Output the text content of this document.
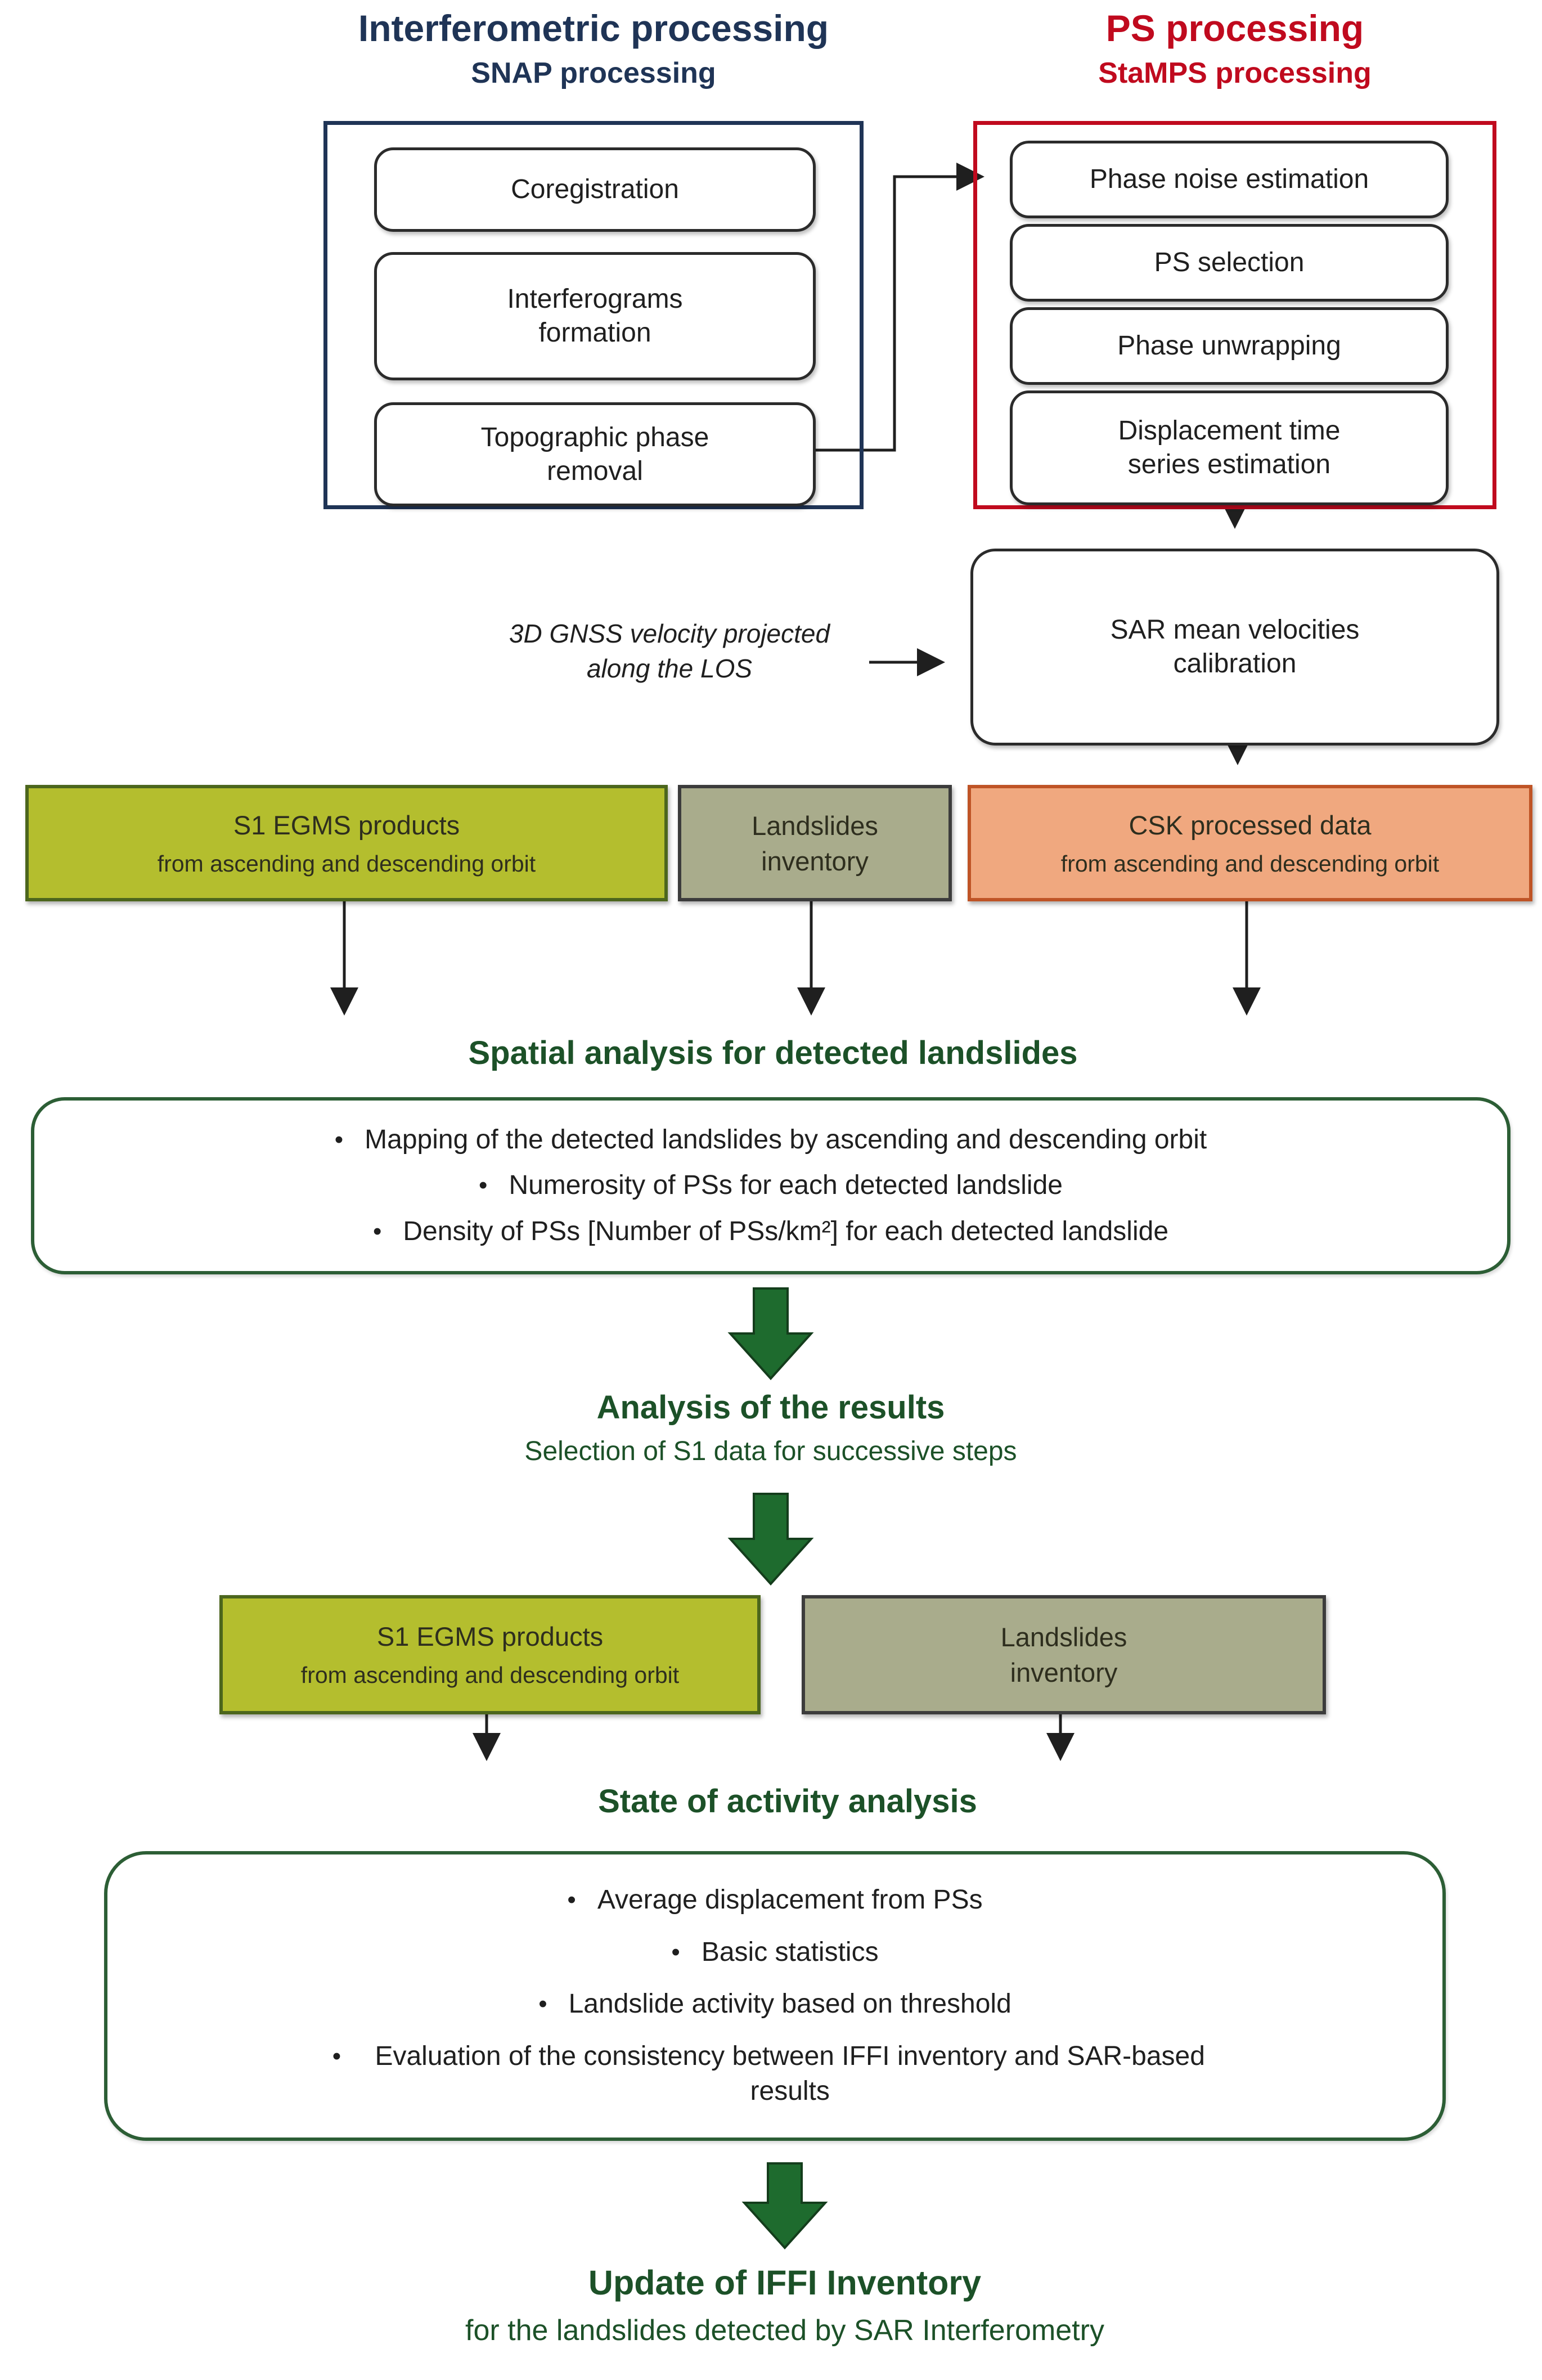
Interferometric processing
SNAP processing
PS processing
StaMPS processing
Coregistration
Interferograms formation
Topographic phase removal
Phase noise estimation
PS selection
Phase unwrapping
Displacement time series estimation
3D GNSS velocity projected along the LOS
SAR mean velocities calibration
S1 EGMS products
from ascending and descending orbit
Landslides
inventory
CSK processed data
from ascending and descending orbit
Spatial analysis for detected landslides
• Mapping of the detected landslides by ascending and descending orbit
• Numerosity of PSs for each detected landslide
• Density of PSs [Number of PSs/km²] for each detected landslide
Analysis of the results
Selection of S1 data for successive steps
S1 EGMS products
from ascending and descending orbit
Landslides
inventory
State of activity analysis
• Average displacement from PSs
• Basic statistics
• Landslide activity based on threshold
•	Evaluation of the consistency between IFFI inventory and SAR-based results
Update of IFFI Inventory
for the landslides detected by SAR Interferometry
